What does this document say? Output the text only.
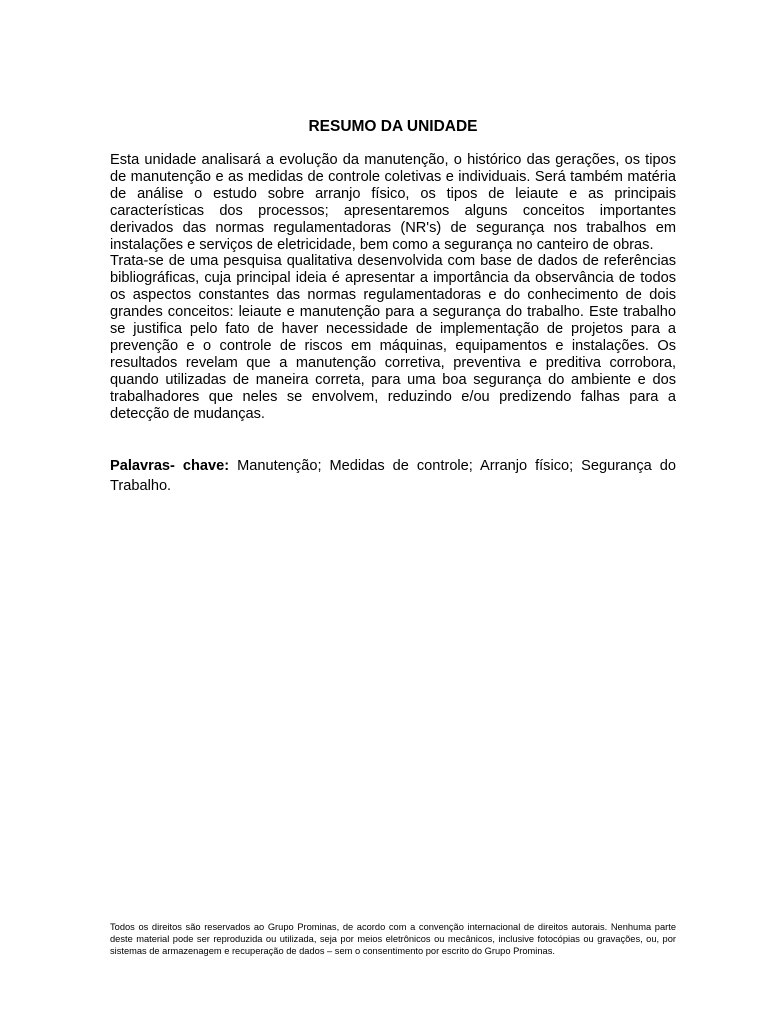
RESUMO DA UNIDADE

Esta unidade analisará a evolução da manutenção, o histórico das gerações, os tipos de manutenção e as medidas de controle coletivas e individuais. Será também matéria de análise o estudo sobre arranjo físico, os tipos de leiaute e as principais características dos processos; apresentaremos alguns conceitos importantes derivados das normas regulamentadoras (NR's) de segurança nos trabalhos em instalações e serviços de eletricidade, bem como a segurança no canteiro de obras.

Trata-se de uma pesquisa qualitativa desenvolvida com base de dados de referências bibliográficas, cuja principal ideia é apresentar a importância da observância de todos os aspectos constantes das normas regulamentadoras e do conhecimento de dois grandes conceitos: leiaute e manutenção para a segurança do trabalho. Este trabalho se justifica pelo fato de haver necessidade de implementação de projetos para a prevenção e o controle de riscos em máquinas, equipamentos e instalações. Os resultados revelam que a manutenção corretiva, preventiva e preditiva corrobora, quando utilizadas de maneira correta, para uma boa segurança do ambiente e dos trabalhadores que neles se envolvem, reduzindo e/ou predizendo falhas para a detecção de mudanças.

Palavras- chave: Manutenção; Medidas de controle; Arranjo físico; Segurança do Trabalho.
Todos os direitos são reservados ao Grupo Prominas, de acordo com a convenção internacional de direitos autorais. Nenhuma parte deste material pode ser reproduzida ou utilizada, seja por meios eletrônicos ou mecânicos, inclusive fotocópias ou gravações, ou, por sistemas de armazenagem e recuperação de dados – sem o consentimento por escrito do Grupo Prominas.
